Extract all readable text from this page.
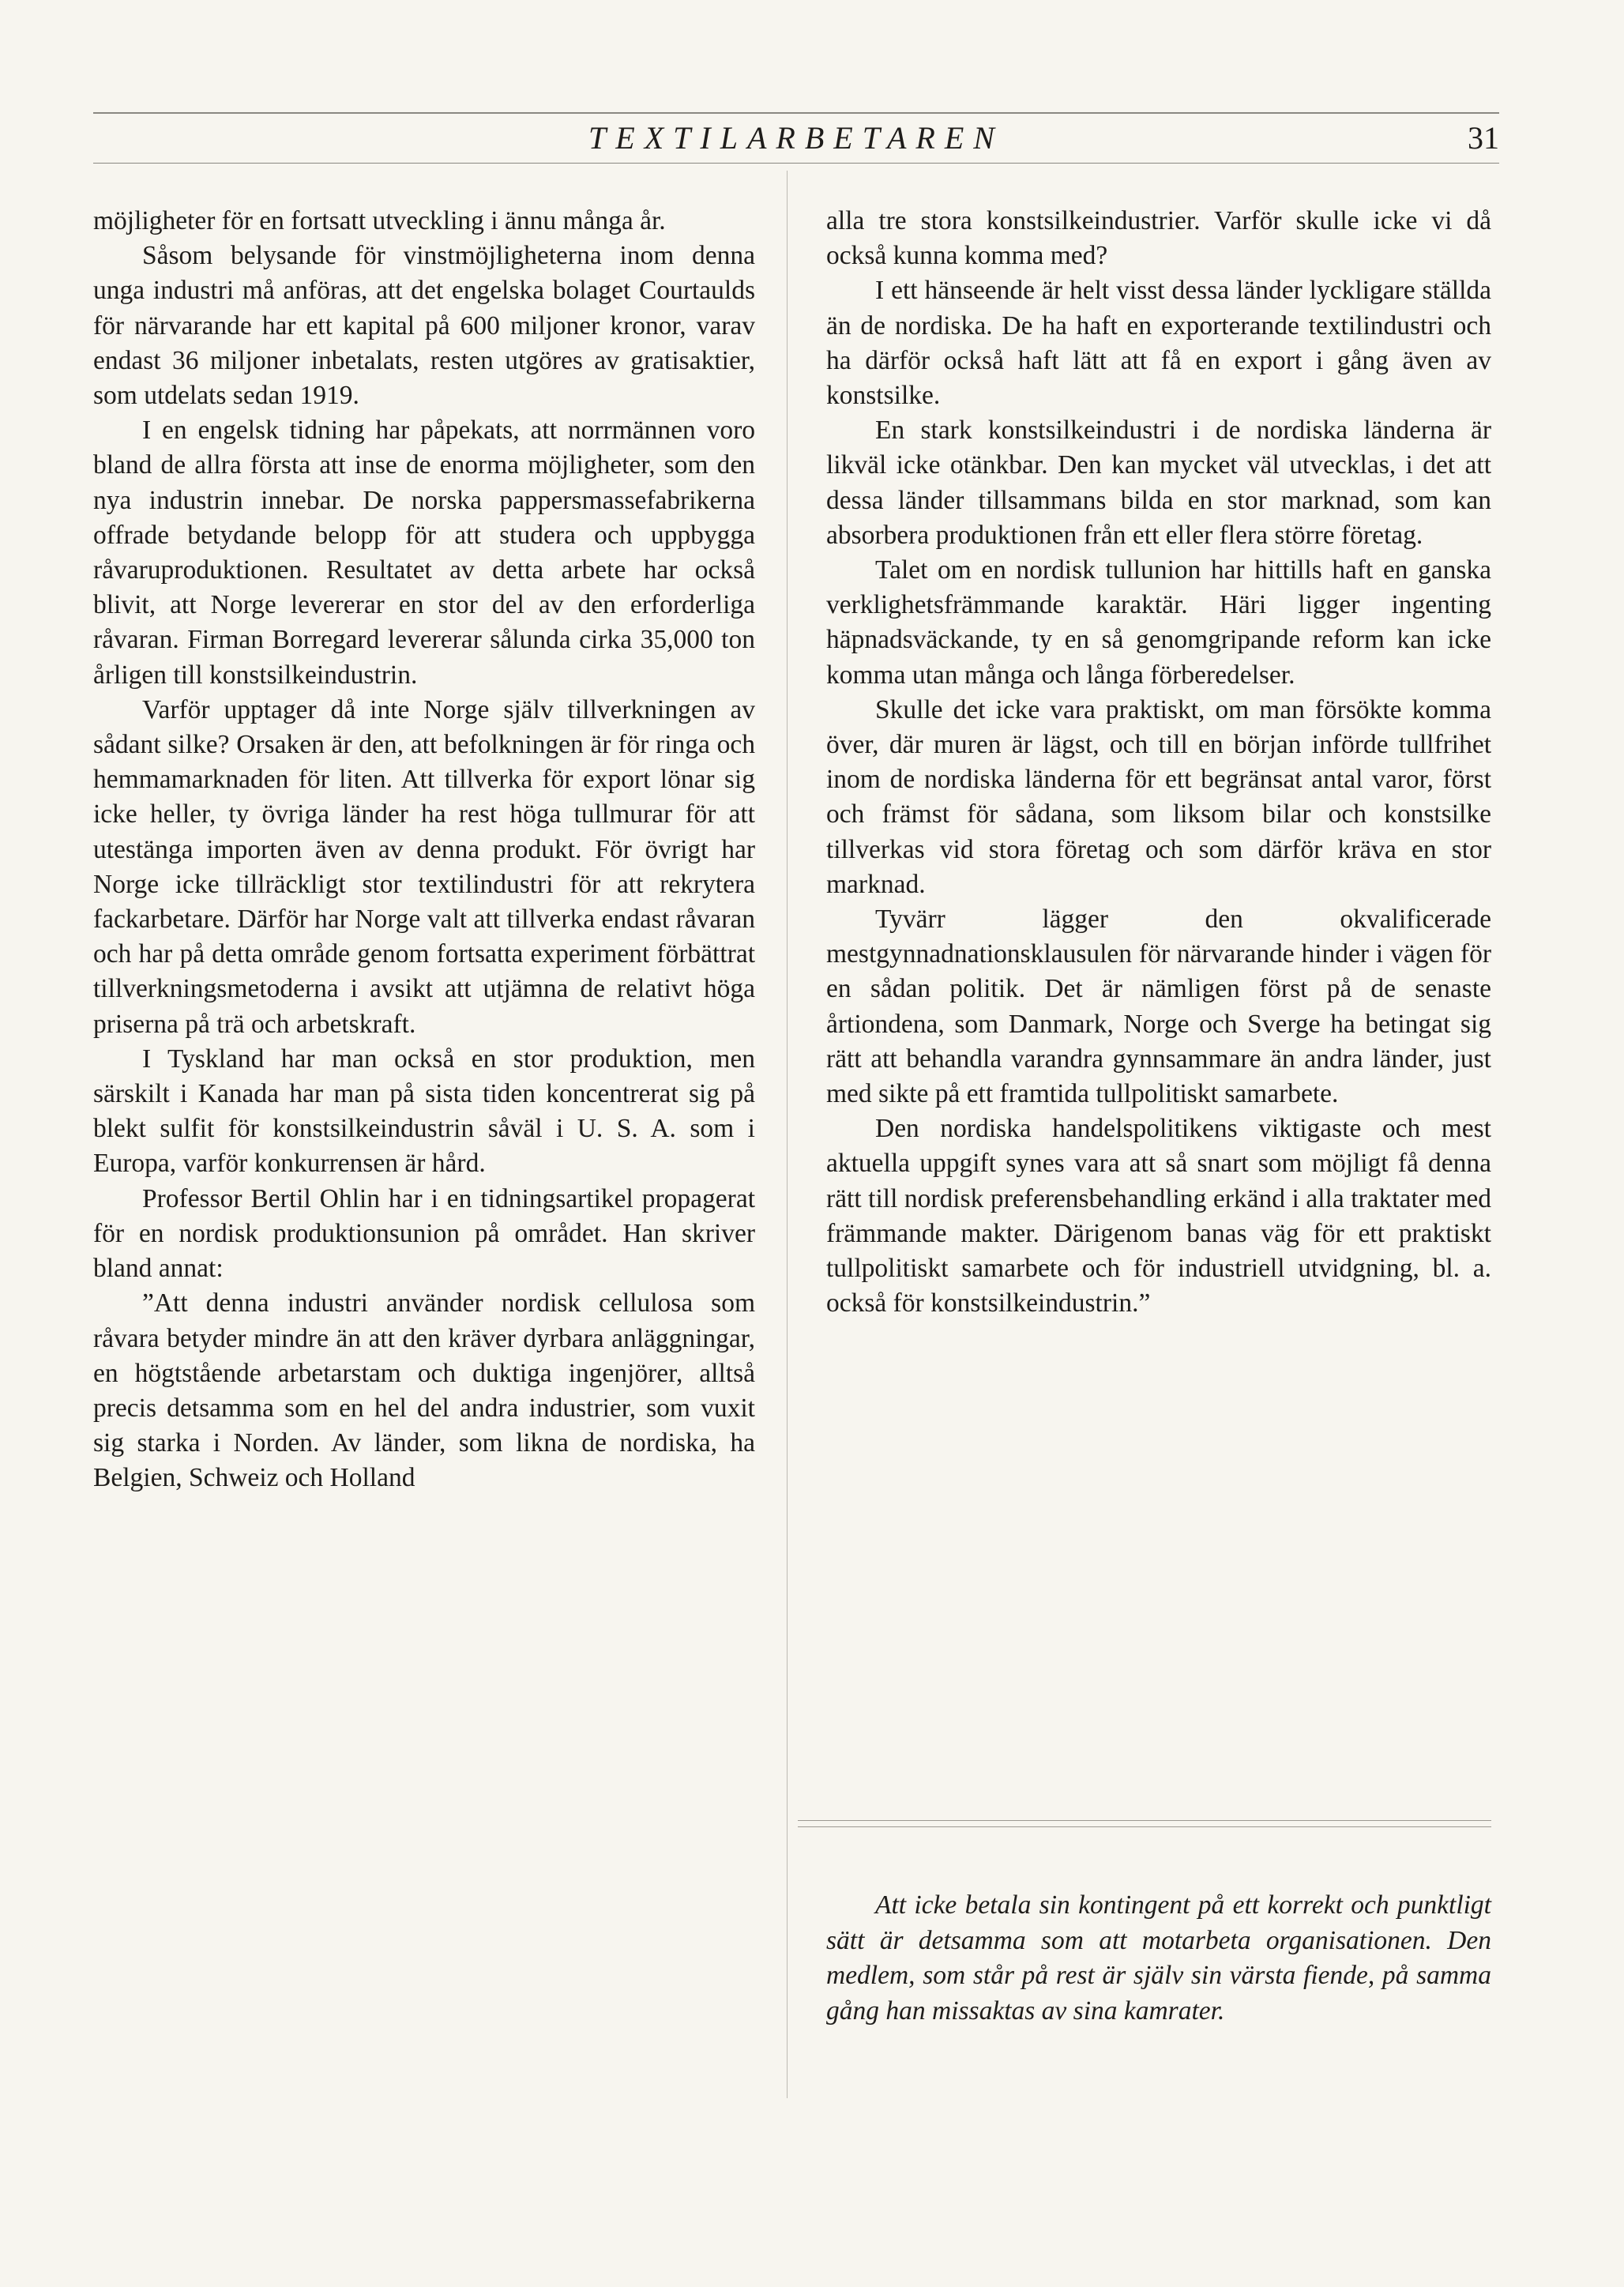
TEXTILARBETAREN	31

möjligheter för en fortsatt utveckling i ännu många år.

Såsom belysande för vinstmöjligheterna inom denna unga industri må anföras, att det engelska bolaget Courtaulds för närvarande har ett kapital på 600 miljoner kronor, varav endast 36 miljoner inbetalats, resten utgöres av gratisaktier, som utdelats sedan 1919.

I en engelsk tidning har påpekats, att norrmännen voro bland de allra första att inse de enorma möjligheter, som den nya industrin innebar. De norska pappersmassefabrikerna offrade betydande belopp för att studera och uppbygga råvaruproduktionen. Resultatet av detta arbete har också blivit, att Norge levererar en stor del av den erforderliga råvaran. Firman Borregard levererar sålunda cirka 35,000 ton årligen till konstsilkeindustrin.

Varför upptager då inte Norge själv tillverkningen av sådant silke? Orsaken är den, att befolkningen är för ringa och hemmamarknaden för liten. Att tillverka för export lönar sig icke heller, ty övriga länder ha rest höga tullmurar för att utestänga importen även av denna produkt. För övrigt har Norge icke tillräckligt stor textilindustri för att rekrytera fackarbetare. Därför har Norge valt att tillverka endast råvaran och har på detta område genom fortsatta experiment förbättrat tillverkningsmetoderna i avsikt att utjämna de relativt höga priserna på trä och arbetskraft.

I Tyskland har man också en stor produktion, men särskilt i Kanada har man på sista tiden koncentrerat sig på blekt sulfit för konstsilkeindustrin såväl i U. S. A. som i Europa, varför konkurrensen är hård.

Professor Bertil Ohlin har i en tidningsartikel propagerat för en nordisk produktionsunion på området. Han skriver bland annat:

”Att denna industri använder nordisk cellulosa som råvara betyder mindre än att den kräver dyrbara anläggningar, en högtstående arbetarstam och duktiga ingenjörer, alltså precis detsamma som en hel del andra industrier, som vuxit sig starka i Norden. Av länder, som likna de nordiska, ha Belgien, Schweiz och Holland

alla tre stora konstsilkeindustrier. Varför skulle icke vi då också kunna komma med?

I ett hänseende är helt visst dessa länder lyckligare ställda än de nordiska. De ha haft en exporterande textilindustri och ha därför också haft lätt att få en export i gång även av konstsilke.

En stark konstsilkeindustri i de nordiska länderna är likväl icke otänkbar. Den kan mycket väl utvecklas, i det att dessa länder tillsammans bilda en stor marknad, som kan absorbera produktionen från ett eller flera större företag.

Talet om en nordisk tullunion har hittills haft en ganska verklighetsfrämmande karaktär. Häri ligger ingenting häpnadsväckande, ty en så genomgripande reform kan icke komma utan många och långa förberedelser.

Skulle det icke vara praktiskt, om man försökte komma över, där muren är lägst, och till en början införde tullfrihet inom de nordiska länderna för ett begränsat antal varor, först och främst för sådana, som liksom bilar och konstsilke tillverkas vid stora företag och som därför kräva en stor marknad.

Tyvärr lägger den okvalificerade mestgynnadnationsklausulen för närvarande hinder i vägen för en sådan politik. Det är nämligen först på de senaste årtiondena, som Danmark, Norge och Sverge ha betingat sig rätt att behandla varandra gynnsammare än andra länder, just med sikte på ett framtida tullpolitiskt samarbete.

Den nordiska handelspolitikens viktigaste och mest aktuella uppgift synes vara att så snart som möjligt få denna rätt till nordisk preferensbehandling erkänd i alla traktater med främmande makter. Därigenom banas väg för ett praktiskt tullpolitiskt samarbete och för industriell utvidgning, bl. a. också för konstsilkeindustrin.”

Att icke betala sin kontingent på ett korrekt och punktligt sätt är detsamma som att motarbeta organisationen. Den medlem, som står på rest är själv sin värsta fiende, på samma gång han missaktas av sina kamrater.
